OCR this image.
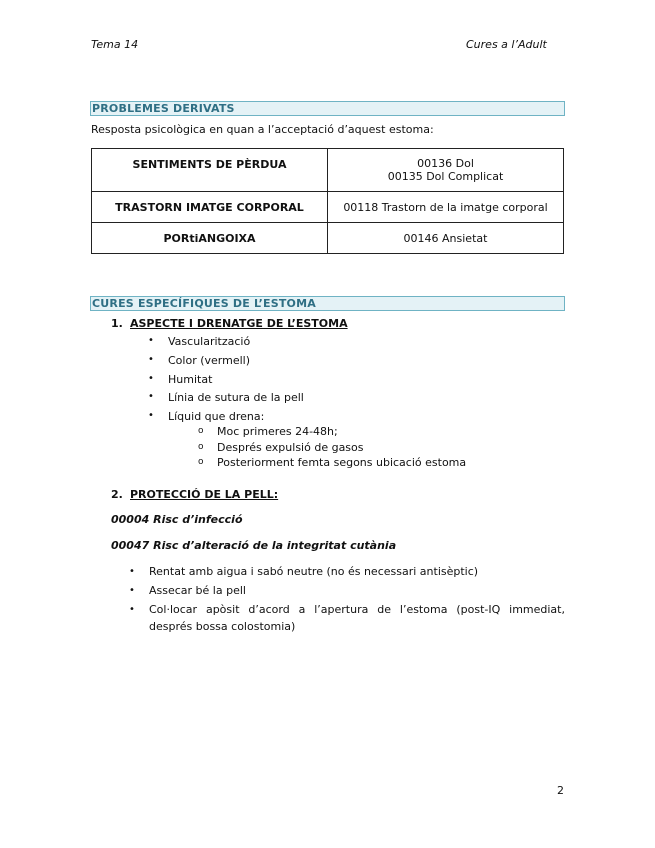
Tema 14	Cures a l’Adult
PROBLEMES DERIVATS
Resposta psicològica en quan a l’acceptació d’aquest estoma:
SENTIMENTS DE PÈRDUA	00136 Dol
00135 Dol Complicat

TRASTORN IMATGE CORPORAL	00118 Trastorn de la imatge corporal
PORtiANGOIXA	00146 Ansietat
CURES ESPECÍFIQUES DE L’ESTOMA
1. ASPECTE I DRENATGE DE L’ESTOMA
• Vascularització
• Color (vermell)
• Humitat
• Línia de sutura de la pell
• Líquid que drena:
o Moc primeres 24-48h;
o Després expulsió de gasos
o Posteriorment femta segons ubicació estoma
2. PROTECCIÓ DE LA PELL:
00004 Risc d’infecció
00047 Risc d’alteració de la integritat cutània
• Rentat amb aigua i sabó neutre (no és necessari antisèptic)
• Assecar bé la pell
• Col·locar apòsit d’acord a l’apertura de l’estoma (post-IQ immediat, després bossa colostomia)
2
